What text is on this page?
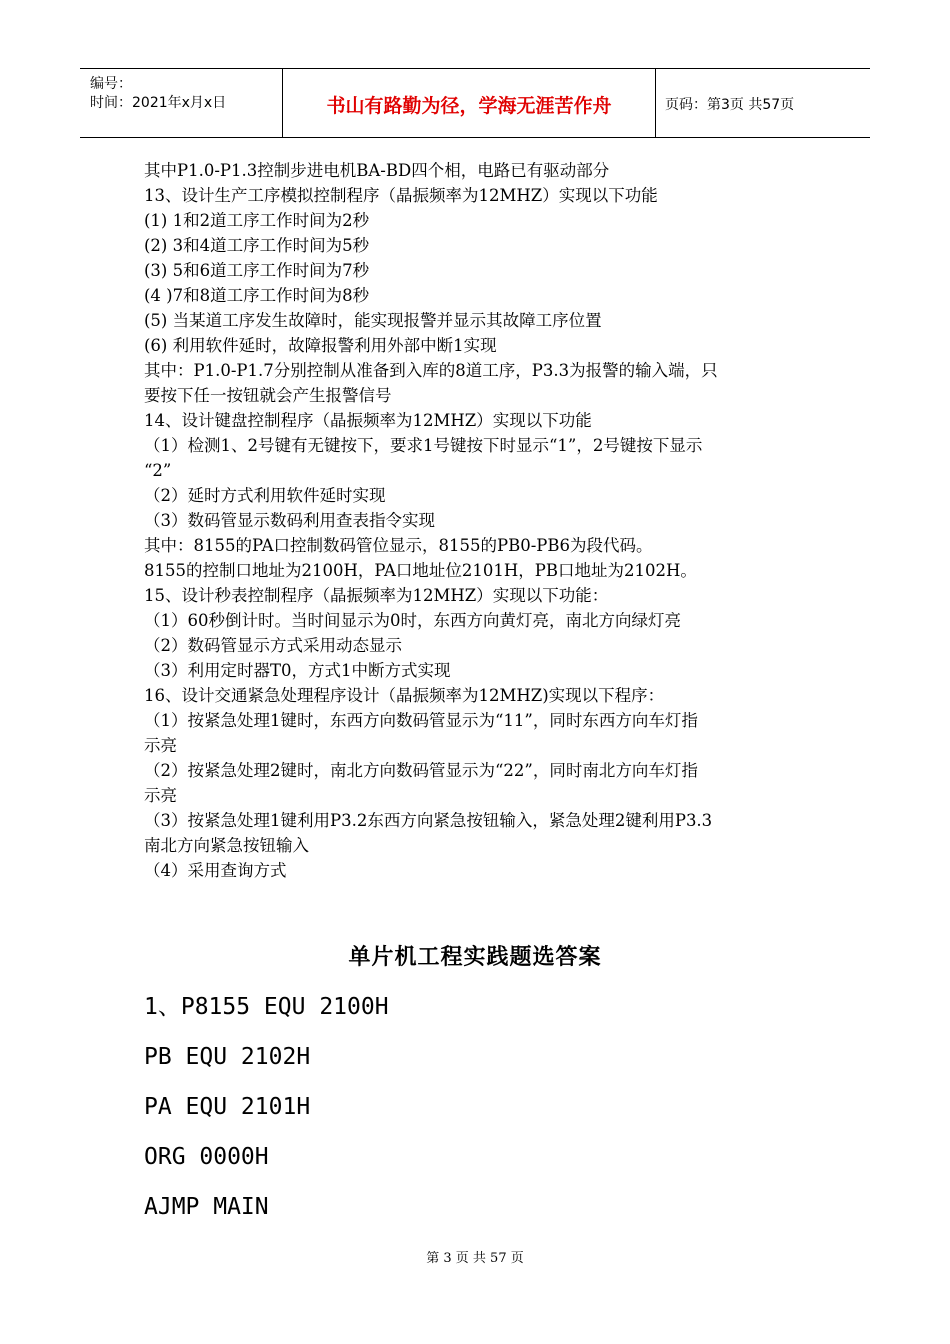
编号：
时间：2021年x月x日	书山有路勤为径，学海无涯苦作舟	页码：第3页 共57页
其中P1.0-P1.3控制步进电机BA-BD四个相，电路已有驱动部分
13、设计生产工序模拟控制程序（晶振频率为12MHZ）实现以下功能
(1) 1和2道工序工作时间为2秒
(2) 3和4道工序工作时间为5秒
(3) 5和6道工序工作时间为7秒
(4 )7和8道工序工作时间为8秒
(5) 当某道工序发生故障时，能实现报警并显示其故障工序位置
(6) 利用软件延时，故障报警利用外部中断1实现
其中：P1.0-P1.7分别控制从准备到入库的8道工序，P3.3为报警的输入端，只
要按下任一按钮就会产生报警信号
14、设计键盘控制程序（晶振频率为12MHZ）实现以下功能
（1）检测1、2号键有无键按下，要求1号键按下时显示“1”，2号键按下显示
“2”
（2）延时方式利用软件延时实现
（3）数码管显示数码利用查表指令实现
其中：8155的PA口控制数码管位显示，8155的PB0-PB6为段代码。
8155的控制口地址为2100H，PA口地址位2101H，PB口地址为2102H。
15、设计秒表控制程序（晶振频率为12MHZ）实现以下功能：
（1）60秒倒计时。当时间显示为0时，东西方向黄灯亮，南北方向绿灯亮
（2）数码管显示方式采用动态显示
（3）利用定时器T0，方式1中断方式实现
16、设计交通紧急处理程序设计（晶振频率为12MHZ)实现以下程序：
（1）按紧急处理1键时，东西方向数码管显示为“11”，同时东西方向车灯指
示亮
（2）按紧急处理2键时，南北方向数码管显示为“22”，同时南北方向车灯指
示亮
（3）按紧急处理1键利用P3.2东西方向紧急按钮输入，紧急处理2键利用P3.3
南北方向紧急按钮输入
（4）采用查询方式
单片机工程实践题选答案
1、P8155 EQU 2100H
PB EQU 2102H
PA EQU 2101H
ORG 0000H
AJMP MAIN
第 3 页 共 57 页
